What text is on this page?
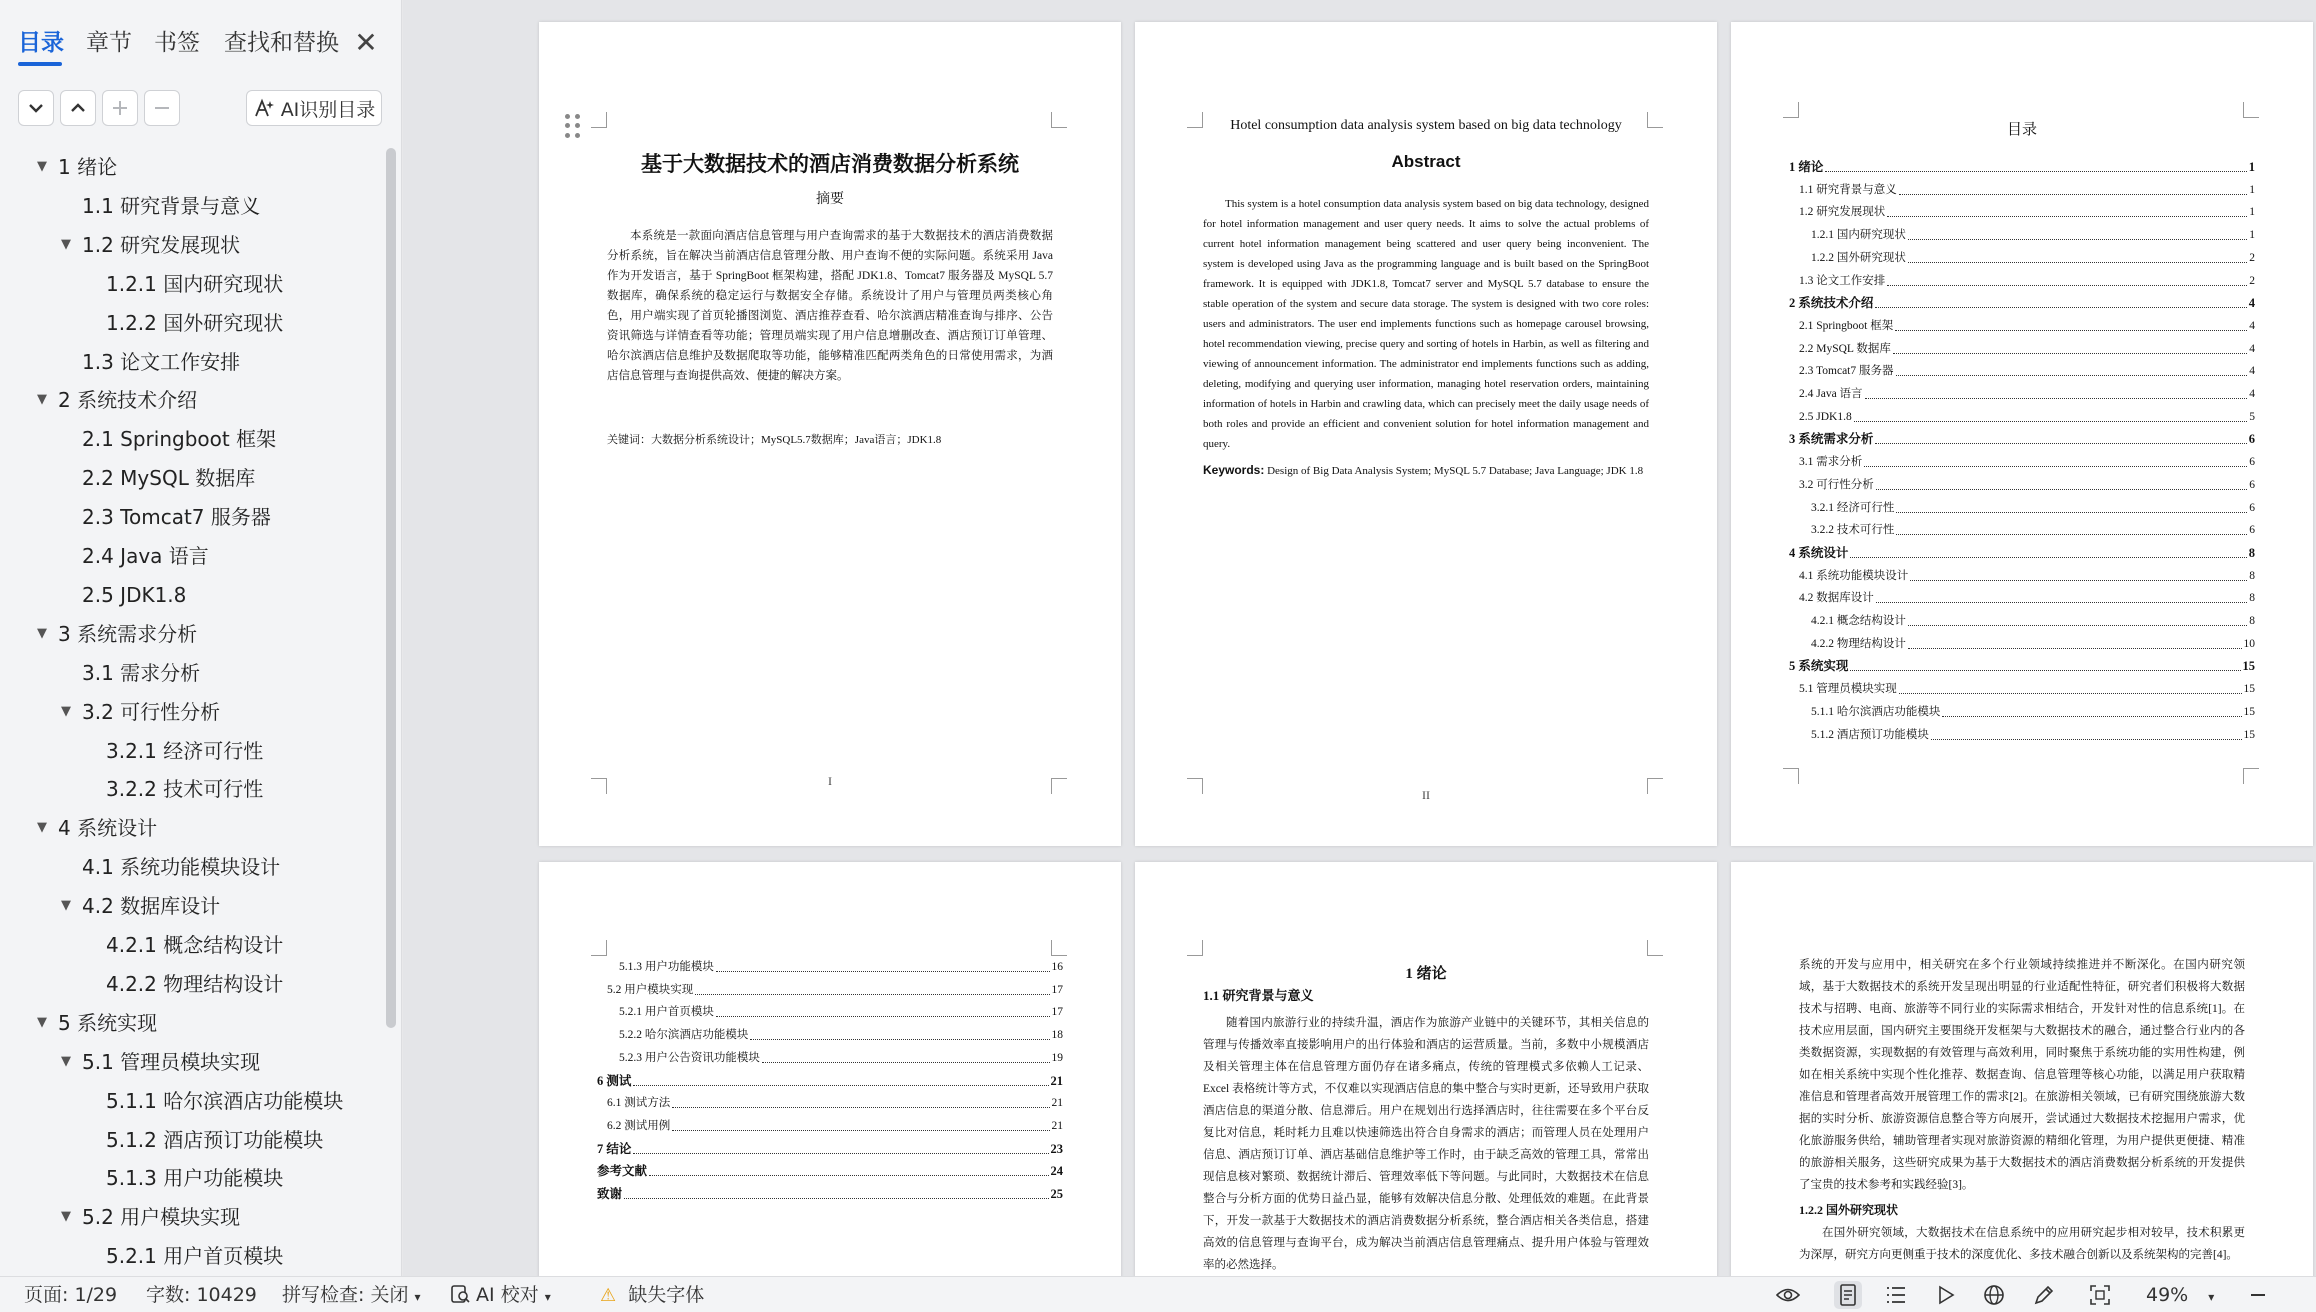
目录 章节 书签 查找和替换 ✕
AI识别目录
▼ 1 绪论
1.1 研究背景与意义
▼ 1.2 研究发展现状
1.2.1 国内研究现状
1.2.2 国外研究现状
1.3 论文工作安排
▼ 2 系统技术介绍
2.1 Springboot 框架
2.2 MySQL 数据库
2.3 Tomcat7 服务器
2.4 Java 语言
2.5 JDK1.8
▼ 3 系统需求分析
3.1 需求分析
▼ 3.2 可行性分析
3.2.1 经济可行性
3.2.2 技术可行性
▼ 4 系统设计
4.1 系统功能模块设计
▼ 4.2 数据库设计
4.2.1 概念结构设计
4.2.2 物理结构设计
▼ 5 系统实现
▼ 5.1 管理员模块实现
5.1.1 哈尔滨酒店功能模块
5.1.2 酒店预订功能模块
5.1.3 用户功能模块
▼ 5.2 用户模块实现
5.2.1 用户首页模块
基于大数据技术的酒店消费数据分析系统
摘要
本系统是一款面向酒店信息管理与用户查询需求的基于大数据技术的酒店消费数据分析系统，旨在解决当前酒店信息管理分散、用户查询不便的实际问题。系统采用 Java 作为开发语言，基于 SpringBoot 框架构建，搭配 JDK1.8、Tomcat7 服务器及 MySQL 5.7 数据库，确保系统的稳定运行与数据安全存储。系统设计了用户与管理员两类核心角色，用户端实现了首页轮播图浏览、酒店推荐查看、哈尔滨酒店精准查询与排序、公告资讯筛选与详情查看等功能；管理员端实现了用户信息增删改查、酒店预订订单管理、哈尔滨酒店信息维护及数据爬取等功能，能够精准匹配两类角色的日常使用需求，为酒店信息管理与查询提供高效、便捷的解决方案。
关键词：大数据分析系统设计；MySQL5.7数据库；Java语言；JDK1.8
I
Hotel consumption data analysis system based on big data technology
Abstract
This system is a hotel consumption data analysis system based on big data technology, designed for hotel information management and user query needs. It aims to solve the actual problems of current hotel information management being scattered and user query being inconvenient. The system is developed using Java as the programming language and is built based on the SpringBoot framework. It is equipped with JDK1.8, Tomcat7 server and MySQL 5.7 database to ensure the stable operation of the system and secure data storage. The system is designed with two core roles: users and administrators. The user end implements functions such as homepage carousel browsing, hotel recommendation viewing, precise query and sorting of hotels in Harbin, as well as filtering and viewing of announcement information. The administrator end implements functions such as adding, deleting, modifying and querying user information, managing hotel reservation orders, maintaining information of hotels in Harbin and crawling data, which can precisely meet the daily usage needs of both roles and provide an efficient and convenient solution for hotel information management and query.
Keywords: Design of Big Data Analysis System; MySQL 5.7 Database; Java Language; JDK 1.8
II
目录
1 绪论	1
1.1 研究背景与意义	1
1.2 研究发展现状	1
1.2.1 国内研究现状	1
1.2.2 国外研究现状	2
1.3 论文工作安排	2
2 系统技术介绍	4
2.1 Springboot 框架	4
2.2 MySQL 数据库	4
2.3 Tomcat7 服务器	4
2.4 Java 语言	4
2.5 JDK1.8	5
3 系统需求分析	6
3.1 需求分析	6
3.2 可行性分析	6
3.2.1 经济可行性	6
3.2.2 技术可行性	6
4 系统设计	8
4.1 系统功能模块设计	8
4.2 数据库设计	8
4.2.1 概念结构设计	8
4.2.2 物理结构设计	10
5 系统实现	15
5.1 管理员模块实现	15
5.1.1 哈尔滨酒店功能模块	15
5.1.2 酒店预订功能模块	15
5.1.3 用户功能模块	16
5.2 用户模块实现	17
5.2.1 用户首页模块	17
5.2.2 哈尔滨酒店功能模块	18
5.2.3 用户公告资讯功能模块	19
6 测试	21
6.1 测试方法	21
6.2 测试用例	21
7 结论	23
参考文献	24
致谢	25
1 绪论
1.1 研究背景与意义
随着国内旅游行业的持续升温，酒店作为旅游产业链中的关键环节，其相关信息的管理与传播效率直接影响用户的出行体验和酒店的运营质量。当前，多数中小规模酒店及相关管理主体在信息管理方面仍存在诸多痛点，传统的管理模式多依赖人工记录、Excel 表格统计等方式，不仅难以实现酒店信息的集中整合与实时更新，还导致用户获取酒店信息的渠道分散、信息滞后。用户在规划出行选择酒店时，往往需要在多个平台反复比对信息，耗时耗力且难以快速筛选出符合自身需求的酒店；而管理人员在处理用户信息、酒店预订订单、酒店基础信息维护等工作时，由于缺乏高效的管理工具，常常出现信息核对繁琐、数据统计滞后、管理效率低下等问题。与此同时，大数据技术在信息整合与分析方面的优势日益凸显，能够有效解决信息分散、处理低效的难题。在此背景下，开发一款基于大数据技术的酒店消费数据分析系统，整合酒店相关各类信息，搭建高效的信息管理与查询平台，成为解决当前酒店信息管理痛点、提升用户体验与管理效率的必然选择。
系统的开发与应用中，相关研究在多个行业领域持续推进并不断深化。在国内研究领域，基于大数据技术的系统开发呈现出明显的行业适配性特征，研究者们积极将大数据技术与招聘、电商、旅游等不同行业的实际需求相结合，开发针对性的信息系统[1]。在技术应用层面，国内研究主要围绕开发框架与大数据技术的融合，通过整合行业内的各类数据资源，实现数据的有效管理与高效利用，同时聚焦于系统功能的实用性构建，例如在相关系统中实现个性化推荐、数据查询、信息管理等核心功能，以满足用户获取精准信息和管理者高效开展管理工作的需求[2]。在旅游相关领域，已有研究围绕旅游大数据的实时分析、旅游资源信息整合等方向展开，尝试通过大数据技术挖掘用户需求，优化旅游服务供给，辅助管理者实现对旅游资源的精细化管理，为用户提供更便捷、精准的旅游相关服务，这些研究成果为基于大数据技术的酒店消费数据分析系统的开发提供了宝贵的技术参考和实践经验[3]。
1.2.2 国外研究现状
在国外研究领域，大数据技术在信息系统中的应用研究起步相对较早，技术积累更为深厚，研究方向更侧重于技术的深度优化、多技术融合创新以及系统架构的完善[4]。
页面: 1/29 字数: 10429 拼写检查: 关闭 ▾	AI 校对 ▾	⚠ 缺失字体	49% ▾
